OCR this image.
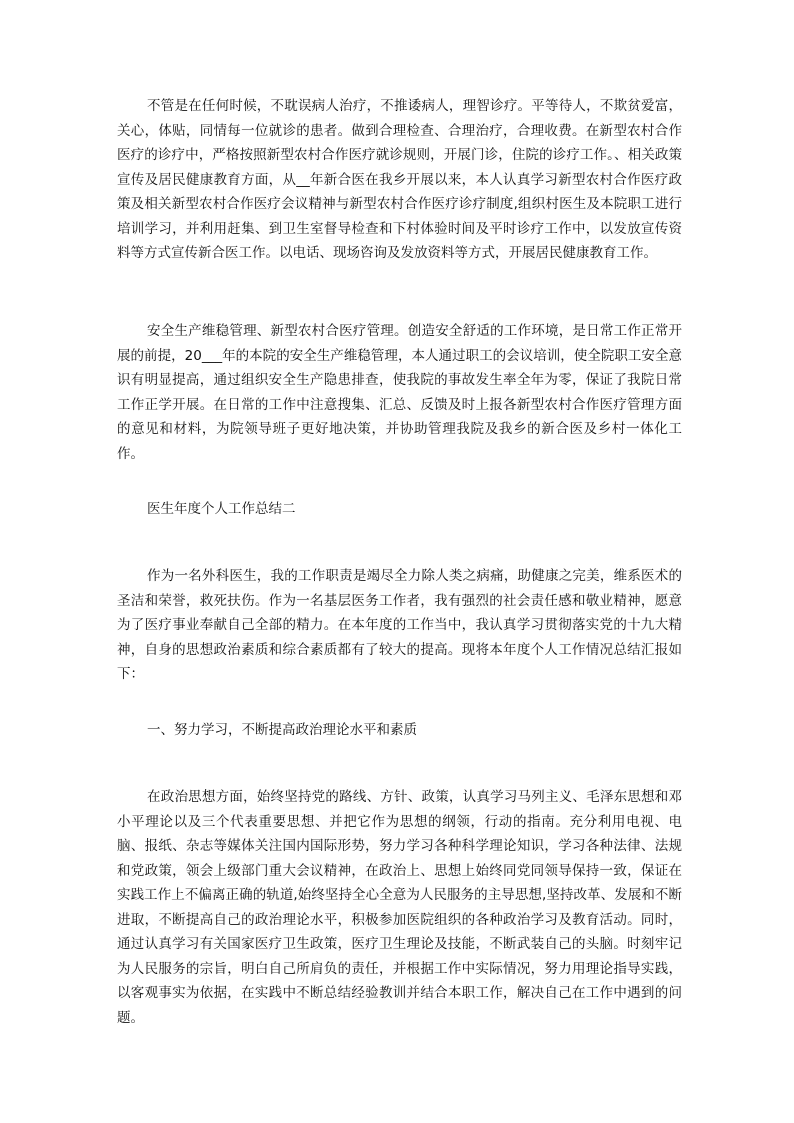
不管是在任何时候，不耽误病人治疗，不推诿病人，理智诊疗。平等待人，不欺贫爱富，关心，体贴，同情每一位就诊的患者。做到合理检查、合理治疗，合理收费。在新型农村合作医疗的诊疗中，严格按照新型农村合作医疗就诊规则，开展门诊，住院的诊疗工作。、相关政策宣传及居民健康教育方面，从__年新合医在我乡开展以来，本人认真学习新型农村合作医疗政策及相关新型农村合作医疗会议精神与新型农村合作医疗诊疗制度,组织村医生及本院职工进行培训学习，并利用赶集、到卫生室督导检查和下村体验时间及平时诊疗工作中，以发放宣传资料等方式宣传新合医工作。以电话、现场咨询及发放资料等方式，开展居民健康教育工作。

安全生产维稳管理、新型农村合医疗管理。创造安全舒适的工作环境，是日常工作正常开展的前提，20___年的本院的安全生产维稳管理，本人通过职工的会议培训，使全院职工安全意识有明显提高，通过组织安全生产隐患排查，使我院的事故发生率全年为零，保证了我院日常工作正学开展。在日常的工作中注意搜集、汇总、反馈及时上报各新型农村合作医疗管理方面的意见和材料，为院领导班子更好地决策，并协助管理我院及我乡的新合医及乡村一体化工作。

医生年度个人工作总结二

作为一名外科医生，我的工作职责是竭尽全力除人类之病痛，助健康之完美，维系医术的圣洁和荣誉，救死扶伤。作为一名基层医务工作者，我有强烈的社会责任感和敬业精神，愿意为了医疗事业奉献自己全部的精力。在本年度的工作当中，我认真学习贯彻落实党的十九大精神，自身的思想政治素质和综合素质都有了较大的提高。现将本年度个人工作情况总结汇报如下：

一、努力学习，不断提高政治理论水平和素质

在政治思想方面，始终坚持党的路线、方针、政策，认真学习马列主义、毛泽东思想和邓小平理论以及三个代表重要思想、并把它作为思想的纲领，行动的指南。充分利用电视、电脑、报纸、杂志等媒体关注国内国际形势，努力学习各种科学理论知识，学习各种法律、法规和党政策，领会上级部门重大会议精神，在政治上、思想上始终同党同领导保持一致，保证在实践工作上不偏离正确的轨道,始终坚持全心全意为人民服务的主导思想,坚持改革、发展和不断进取，不断提高自己的政治理论水平，积极参加医院组织的各种政治学习及教育活动。同时，通过认真学习有关国家医疗卫生政策，医疗卫生理论及技能，不断武装自己的头脑。时刻牢记为人民服务的宗旨，明白自己所肩负的责任，并根据工作中实际情况，努力用理论指导实践，以客观事实为依据，在实践中不断总结经验教训并结合本职工作，解决自己在工作中遇到的问题。
